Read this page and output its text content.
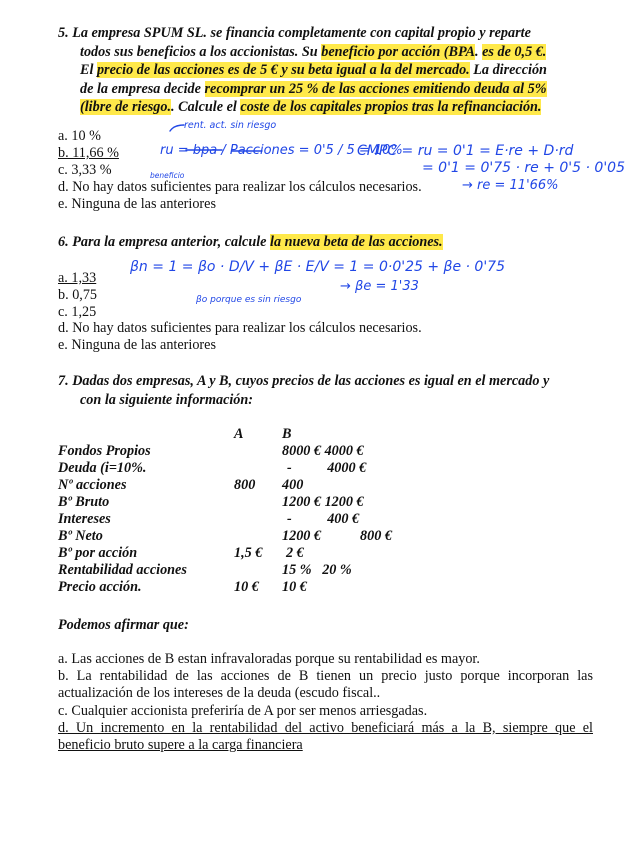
5. La empresa SPUM SL. se financia completamente con capital propio y reparte
todos sus beneficios a los accionistas. Su beneficio por acción (BPA. es de 0,5 €.
El precio de las acciones es de 5 € y su beta igual a la del mercado. La dirección
de la empresa decide recomprar un 25 % de las acciones emitiendo deuda al 5%
(libre de riesgo.. Calcule el coste de los capitales propios tras la refinanciación.
a. 10 %
b. 11,66 %
c. 3,33 %
d. No hay datos suficientes para realizar los cálculos necesarios.
e. Ninguna de las anteriores
rent. act. sin riesgo
ru = bpa / Pacciones = 0'5 / 5 = 10%
beneficio
CMPC = ru = 0'1 = E·re + D·rd
= 0'1 = 0'75 · re + 0'5 · 0'05
→ re = 11'66%
6. Para la empresa anterior, calcule la nueva beta de las acciones.
a. 1,33
b. 0,75
c. 1,25
d. No hay datos suficientes para realizar los cálculos necesarios.
e. Ninguna de las anteriores
βn = 1 = βo · D/V + βE · E/V = 1 = 0·0'25 + βe · 0'75
→ βe = 1'33
βo porque es sin riesgo
7. Dadas dos empresas, A y B, cuyos precios de las acciones es igual en el mercado y
con la siguiente información:
A	B
Fondos Propios	8000 € 4000 €
Deuda (i=10%.	-          4000 €
Nº acciones	800 400
Bº Bruto	1200 € 1200 €
Intereses	-          400 €
Bº Neto	1200 €           800 €
Bº por acción	1,5 € 2 €
Rentabilidad acciones	15 %   20 %
Precio acción.	10 € 10 €
Podemos afirmar que:
a. Las acciones de B estan infravaloradas porque su rentabilidad es mayor.
b. La rentabilidad de las acciones de B tienen un precio justo porque incorporan las actualización de los intereses de la deuda (escudo fiscal..
c. Cualquier accionista preferiría de A por ser menos arriesgadas.
d. Un incremento en la rentabilidad del activo beneficiará más a la B, siempre que el beneficio bruto supere a la carga financiera
